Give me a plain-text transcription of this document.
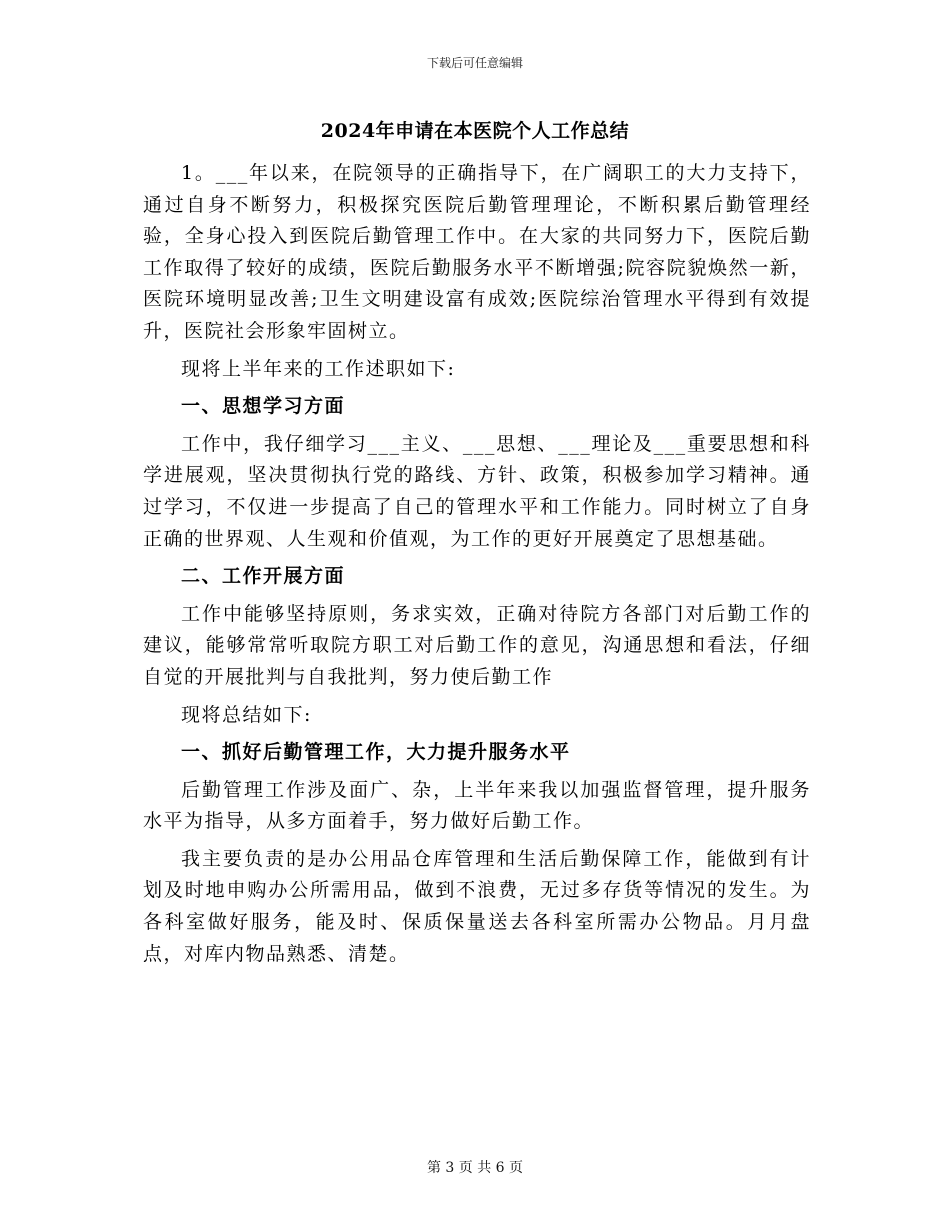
下载后可任意编辑
2024年申请在本医院个人工作总结

1。___年以来，在院领导的正确指导下，在广阔职工的大力支持下，通过自身不断努力，积极探究医院后勤管理理论，不断积累后勤管理经验，全身心投入到医院后勤管理工作中。在大家的共同努力下，医院后勤工作取得了较好的成绩，医院后勤服务水平不断增强;院容院貌焕然一新，医院环境明显改善;卫生文明建设富有成效;医院综治管理水平得到有效提升，医院社会形象牢固树立。

现将上半年来的工作述职如下:

一、思想学习方面

工作中，我仔细学习___主义、___思想、___理论及___重要思想和科学进展观，坚决贯彻执行党的路线、方针、政策，积极参加学习精神。通过学习，不仅进一步提高了自己的管理水平和工作能力。同时树立了自身正确的世界观、人生观和价值观，为工作的更好开展奠定了思想基础。

二、工作开展方面

工作中能够坚持原则，务求实效，正确对待院方各部门对后勤工作的建议，能够常常听取院方职工对后勤工作的意见，沟通思想和看法，仔细自觉的开展批判与自我批判，努力使后勤工作

现将总结如下:

一、抓好后勤管理工作，大力提升服务水平

后勤管理工作涉及面广、杂，上半年来我以加强监督管理，提升服务水平为指导，从多方面着手，努力做好后勤工作。

我主要负责的是办公用品仓库管理和生活后勤保障工作，能做到有计划及时地申购办公所需用品，做到不浪费，无过多存货等情况的发生。为各科室做好服务，能及时、保质保量送去各科室所需办公物品。月月盘点，对库内物品熟悉、清楚。

第 3 页 共 6 页
